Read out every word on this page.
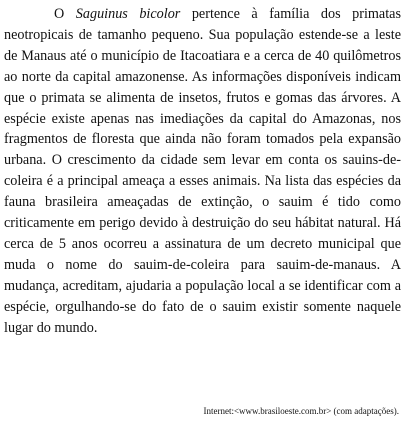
O Saguinus bicolor pertence à família dos primatas neotropicais de tamanho pequeno. Sua população estende-se a leste de Manaus até o município de Itacoatiara e a cerca de 40 quilômetros ao norte da capital amazonense. As informações disponíveis indicam que o primata se alimenta de insetos, frutos e gomas das árvores. A espécie existe apenas nas imediações da capital do Amazonas, nos fragmentos de floresta que ainda não foram tomados pela expansão urbana. O crescimento da cidade sem levar em conta os sauins-de-coleira é a principal ameaça a esses animais. Na lista das espécies da fauna brasileira ameaçadas de extinção, o sauim é tido como criticamente em perigo devido à destruição do seu hábitat natural. Há cerca de 5 anos ocorreu a assinatura de um decreto municipal que muda o nome do sauim-de-coleira para sauim-de-manaus. A mudança, acreditam, ajudaria a população local a se identificar com a espécie, orgulhando-se do fato de o sauim existir somente naquele lugar do mundo.

Internet:<www.brasiloeste.com.br> (com adaptações).
